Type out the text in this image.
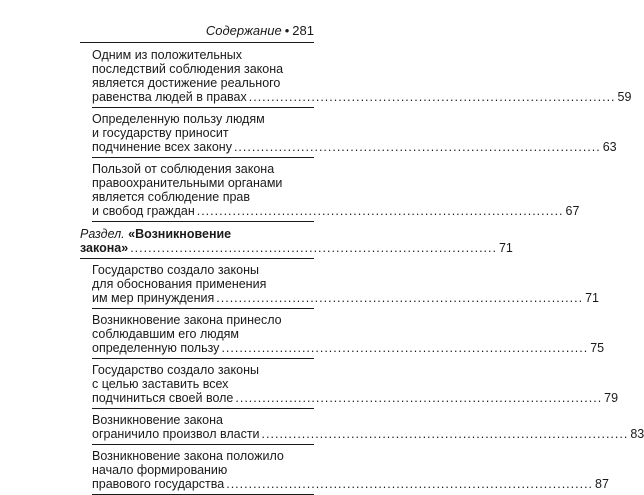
Содержание • 281
Одним из положительных
последствий соблюдения закона
является достижение реального
равенства людей в правах .....	59
Определенную пользу людям
и государству приносит
подчинение всех закону .....	63
Пользой от соблюдения закона
правоохранительными органами
является соблюдение прав
и свобод граждан .....	67
Раздел. «Возникновение
закона» .....	71
Государство создало законы
для обоснования применения
им мер принуждения .....	71
Возникновение закона принесло
соблюдавшим его людям
определенную пользу .....	75
Государство создало законы
с целью заставить всех
подчиниться своей воле .....	79
Возникновение закона
ограничило произвол власти .....	83
Возникновение закона положило
начало формированию
правового государства .....	87
